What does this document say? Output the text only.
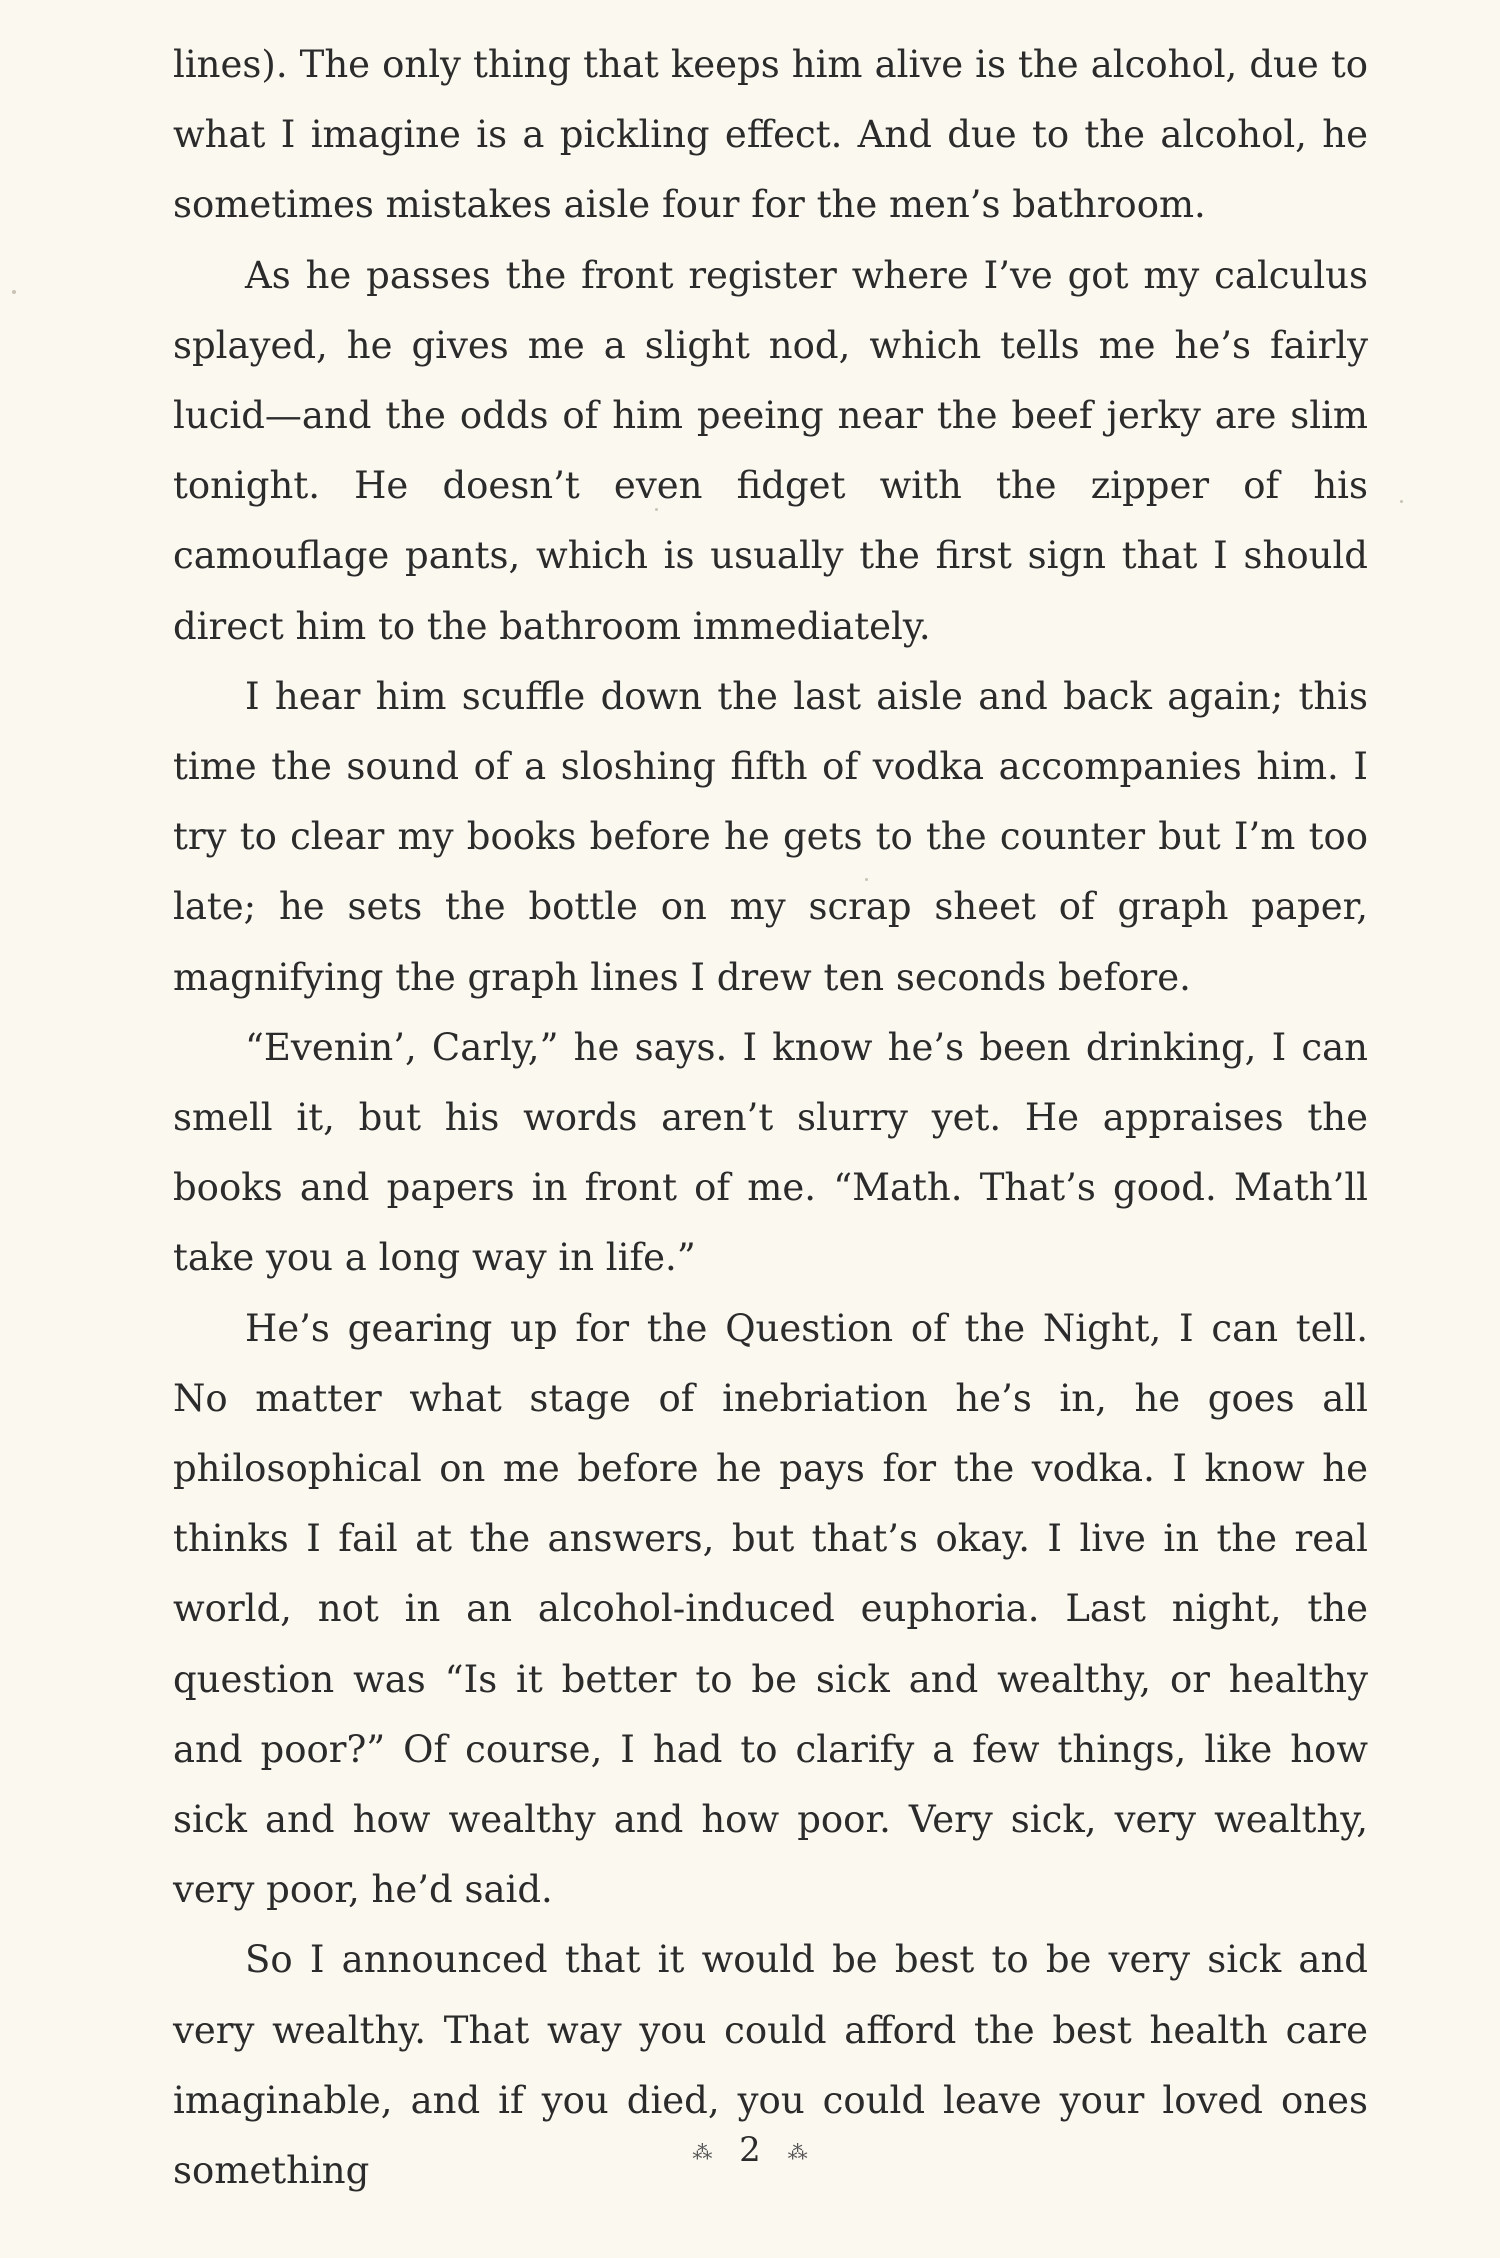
lines). The only thing that keeps him alive is the alcohol, due to what I imagine is a pickling effect. And due to the alcohol, he sometimes mistakes aisle four for the men’s bathroom.

As he passes the front register where I’ve got my calculus splayed, he gives me a slight nod, which tells me he’s fairly lucid—and the odds of him peeing near the beef jerky are slim tonight. He doesn’t even fidget with the zipper of his camouflage pants, which is usually the first sign that I should direct him to the bathroom immediately.

I hear him scuffle down the last aisle and back again; this time the sound of a sloshing fifth of vodka accompanies him. I try to clear my books before he gets to the counter but I’m too late; he sets the bottle on my scrap sheet of graph paper, magnifying the graph lines I drew ten seconds before.

“Evenin’, Carly,” he says. I know he’s been drinking, I can smell it, but his words aren’t slurry yet. He appraises the books and papers in front of me. “Math. That’s good. Math’ll take you a long way in life.”

He’s gearing up for the Question of the Night, I can tell. No matter what stage of inebriation he’s in, he goes all philosophical on me before he pays for the vodka. I know he thinks I fail at the answers, but that’s okay. I live in the real world, not in an alcohol-induced euphoria. Last night, the question was “Is it better to be sick and wealthy, or healthy and poor?” Of course, I had to clarify a few things, like how sick and how wealthy and how poor. Very sick, very wealthy, very poor, he’d said.

So I announced that it would be best to be very sick and very wealthy. That way you could afford the best health care imaginable, and if you died, you could leave your loved ones something	⁂ 2 ⁂
